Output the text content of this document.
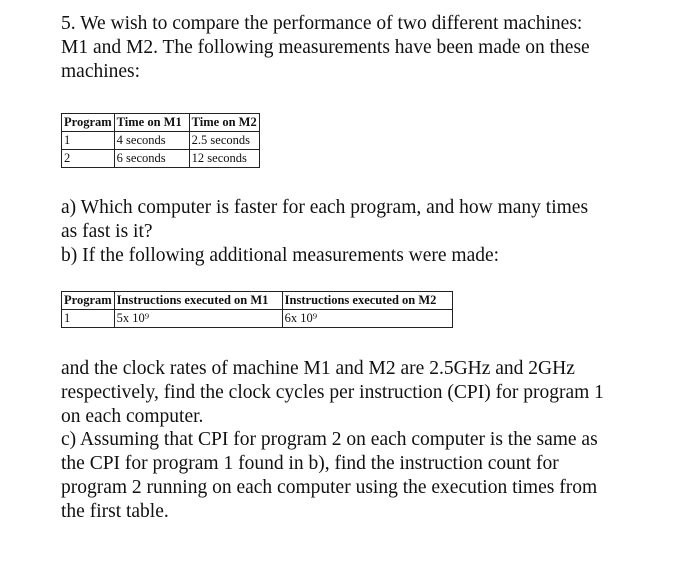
5. We wish to compare the performance of two different machines:
M1 and M2. The following measurements have been made on these
machines:

Program	Time on M1	Time on M2
1	4 seconds	2.5 seconds
2	6 seconds	12 seconds

a) Which computer is faster for each program, and how many times
as fast is it?

b) If the following additional measurements were made:

Program	Instructions executed on M1	Instructions executed on M2
1	5x 10⁹	6x 10⁹

and the clock rates of machine M1 and M2 are 2.5GHz and 2GHz
respectively, find the clock cycles per instruction (CPI) for program 1
on each computer.

c) Assuming that CPI for program 2 on each computer is the same as
the CPI for program 1 found in b), find the instruction count for
program 2 running on each computer using the execution times from
the first table.
